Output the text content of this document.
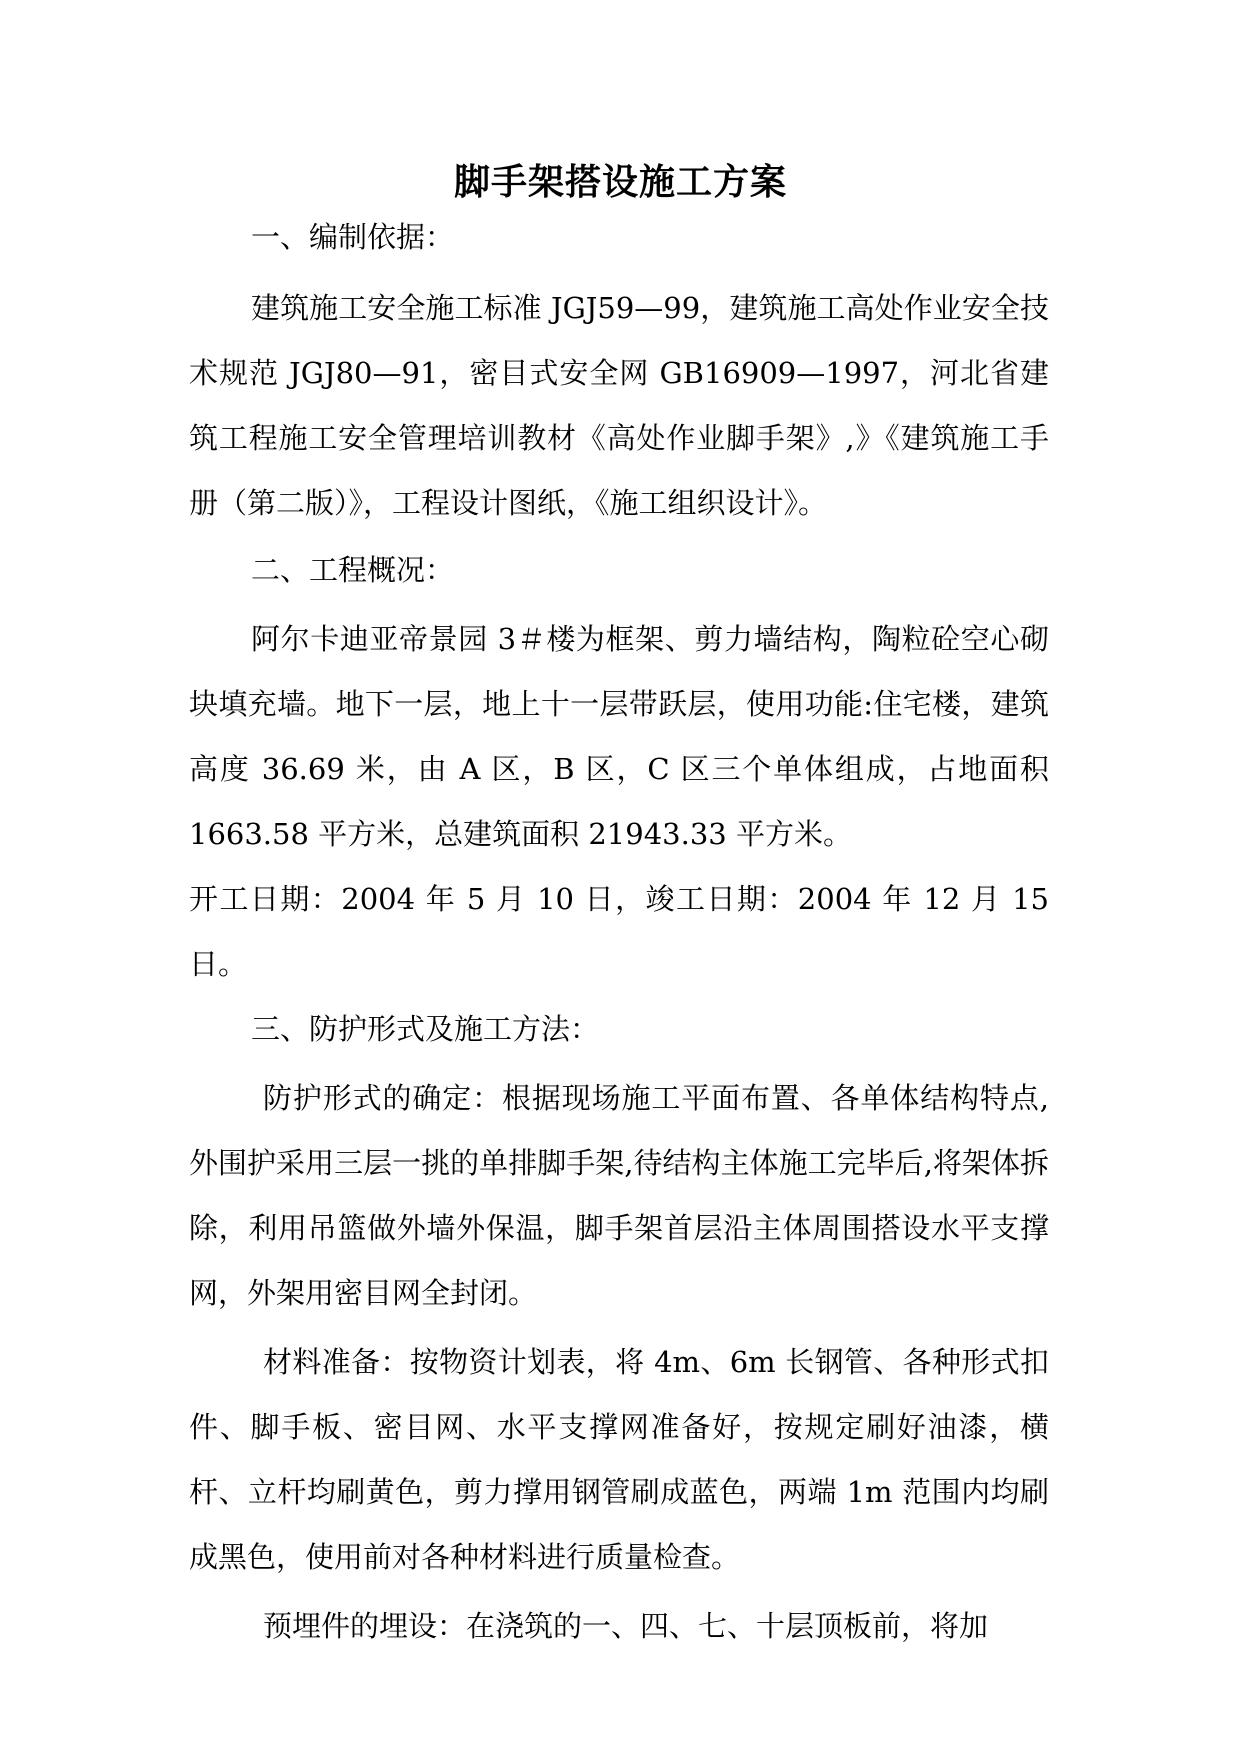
脚手架搭设施工方案

一、编制依据：

建筑施工安全施工标准 JGJ59—99，建筑施工高处作业安全技术规范 JGJ80—91，密目式安全网 GB16909—1997，河北省建筑工程施工安全管理培训教材《高处作业脚手架》,》《建筑施工手册（第二版）》，工程设计图纸，《施工组织设计》。

二、工程概况：

阿尔卡迪亚帝景园 3＃楼为框架、剪力墙结构，陶粒砼空心砌块填充墙。地下一层，地上十一层带跃层，使用功能:住宅楼，建筑高度 36.69 米，由 A 区，B 区，C 区三个单体组成，占地面积 1663.58 平方米，总建筑面积 21943.33 平方米。

开工日期：2004 年 5 月 10 日，竣工日期：2004 年 12 月 15 日。

三、防护形式及施工方法：

防护形式的确定：根据现场施工平面布置、各单体结构特点,外围护采用三层一挑的单排脚手架,待结构主体施工完毕后,将架体拆除，利用吊篮做外墙外保温，脚手架首层沿主体周围搭设水平支撑网，外架用密目网全封闭。

材料准备：按物资计划表，将 4m、6m 长钢管、各种形式扣件、脚手板、密目网、水平支撑网准备好，按规定刷好油漆，横杆、立杆均刷黄色，剪力撑用钢管刷成蓝色，两端 1m 范围内均刷成黑色，使用前对各种材料进行质量检查。

预埋件的埋设：在浇筑的一、四、七、十层顶板前，将加
